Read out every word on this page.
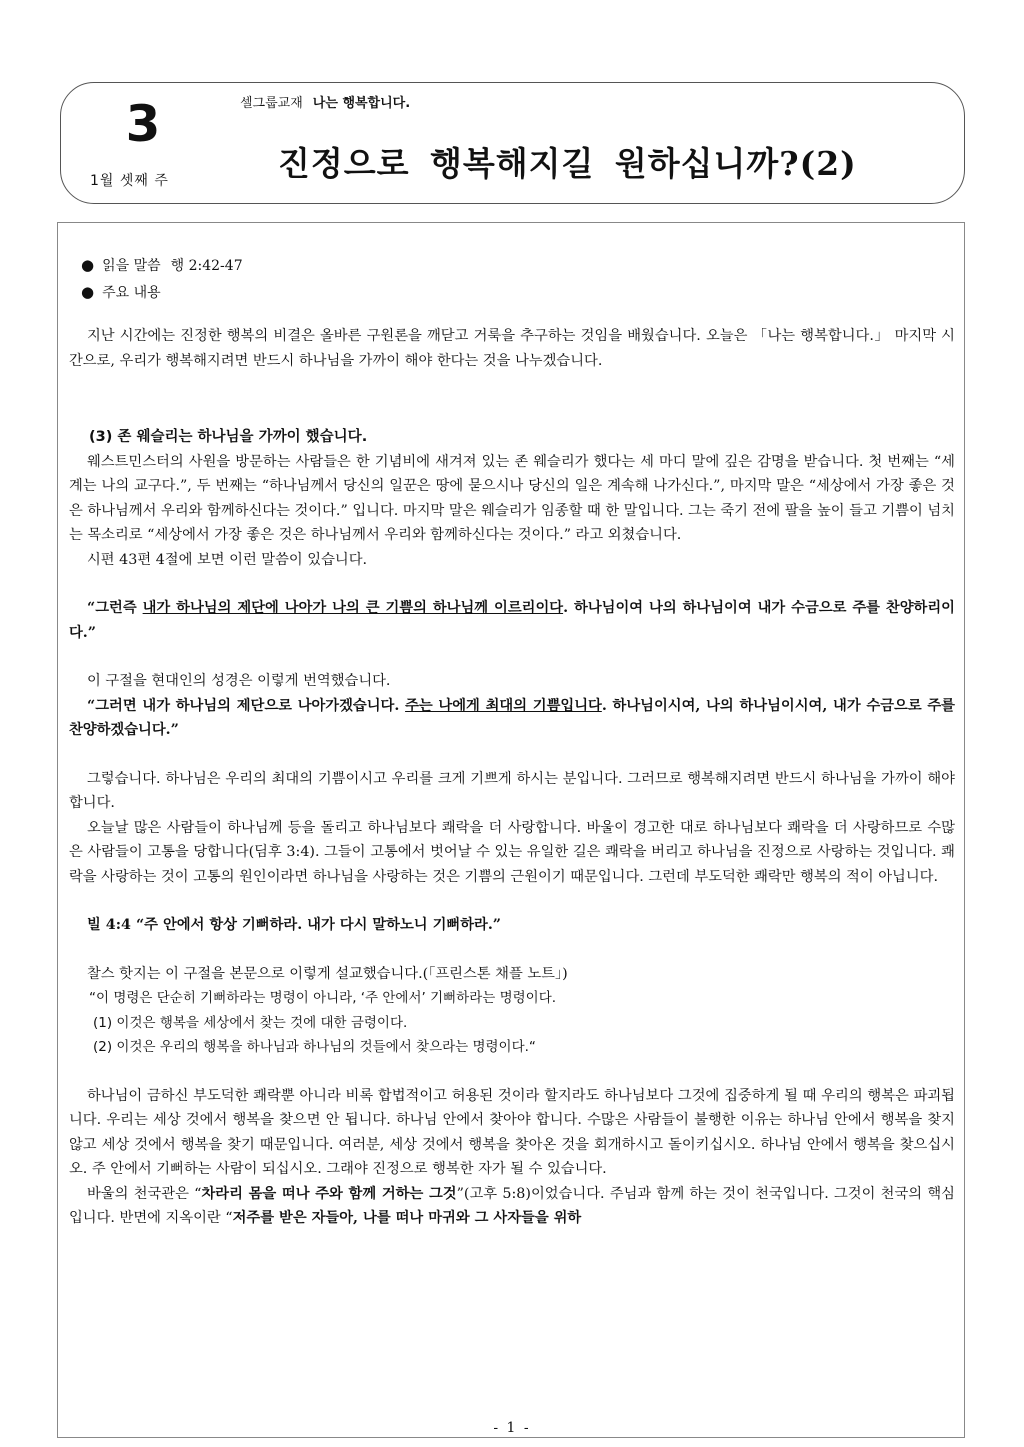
3
1월 셋째 주
셀그룹교재 나는 행복합니다.
진정으로 행복해지길 원하십니까?(2)
● 읽을 말씀 행 2:42-47
● 주요 내용

지난 시간에는 진정한 행복의 비결은 올바른 구원론을 깨닫고 거룩을 추구하는 것임을 배웠습니다. 오늘은 「나는 행복합니다.」 마지막 시간으로, 우리가 행복해지려면 반드시 하나님을 가까이 해야 한다는 것을 나누겠습니다.

(3) 존 웨슬리는 하나님을 가까이 했습니다.

웨스트민스터의 사원을 방문하는 사람들은 한 기념비에 새겨져 있는 존 웨슬리가 했다는 세 마디 말에 깊은 감명을 받습니다. 첫 번째는 “세계는 나의 교구다.”, 두 번째는 “하나님께서 당신의 일꾼은 땅에 묻으시나 당신의 일은 계속해 나가신다.”, 마지막 말은 “세상에서 가장 좋은 것은 하나님께서 우리와 함께하신다는 것이다.” 입니다. 마지막 말은 웨슬리가 임종할 때 한 말입니다. 그는 죽기 전에 팔을 높이 들고 기쁨이 넘치는 목소리로 “세상에서 가장 좋은 것은 하나님께서 우리와 함께하신다는 것이다.” 라고 외쳤습니다.

시편 43편 4절에 보면 이런 말씀이 있습니다.

“그런즉 내가 하나님의 제단에 나아가 나의 큰 기쁨의 하나님께 이르리이다. 하나님이여 나의 하나님이여 내가 수금으로 주를 찬양하리이다.”

이 구절을 현대인의 성경은 이렇게 번역했습니다.

“그러면 내가 하나님의 제단으로 나아가겠습니다. 주는 나에게 최대의 기쁨입니다. 하나님이시여, 나의 하나님이시여, 내가 수금으로 주를 찬양하겠습니다.”

그렇습니다. 하나님은 우리의 최대의 기쁨이시고 우리를 크게 기쁘게 하시는 분입니다. 그러므로 행복해지려면 반드시 하나님을 가까이 해야 합니다.

오늘날 많은 사람들이 하나님께 등을 돌리고 하나님보다 쾌락을 더 사랑합니다. 바울이 경고한 대로 하나님보다 쾌락을 더 사랑하므로 수많은 사람들이 고통을 당합니다(딤후 3:4). 그들이 고통에서 벗어날 수 있는 유일한 길은 쾌락을 버리고 하나님을 진정으로 사랑하는 것입니다. 쾌락을 사랑하는 것이 고통의 원인이라면 하나님을 사랑하는 것은 기쁨의 근원이기 때문입니다. 그런데 부도덕한 쾌락만 행복의 적이 아닙니다.

빌 4:4 “주 안에서 항상 기뻐하라. 내가 다시 말하노니 기뻐하라.”

찰스 핫지는 이 구절을 본문으로 이렇게 설교했습니다.(「프린스톤 채플 노트」)

“이 명령은 단순히 기뻐하라는 명령이 아니라, ‘주 안에서’ 기뻐하라는 명령이다.
(1) 이것은 행복을 세상에서 찾는 것에 대한 금령이다.
(2) 이것은 우리의 행복을 하나님과 하나님의 것들에서 찾으라는 명령이다.“

하나님이 금하신 부도덕한 쾌락뿐 아니라 비록 합법적이고 허용된 것이라 할지라도 하나님보다 그것에 집중하게 될 때 우리의 행복은 파괴됩니다. 우리는 세상 것에서 행복을 찾으면 안 됩니다. 하나님 안에서 찾아야 합니다. 수많은 사람들이 불행한 이유는 하나님 안에서 행복을 찾지 않고 세상 것에서 행복을 찾기 때문입니다. 여러분, 세상 것에서 행복을 찾아온 것을 회개하시고 돌이키십시오. 하나님 안에서 행복을 찾으십시오. 주 안에서 기뻐하는 사람이 되십시오. 그래야 진정으로 행복한 자가 될 수 있습니다.

바울의 천국관은 “차라리 몸을 떠나 주와 함께 거하는 그것”(고후 5:8)이었습니다. 주님과 함께 하는 것이 천국입니다. 그것이 천국의 핵심입니다. 반면에 지옥이란 “저주를 받은 자들아, 나를 떠나 마귀와 그 사자들을 위하

- 1 -
